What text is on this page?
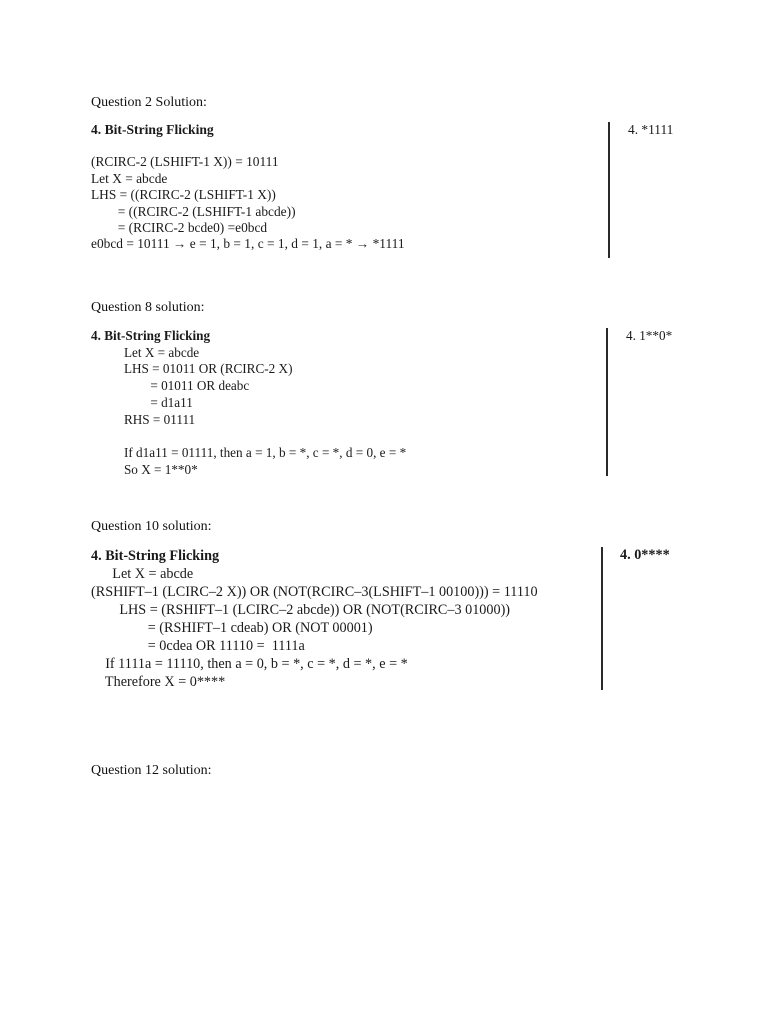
Question 2 Solution:
4. Bit-String Flicking
(RCIRC-2 (LSHIFT-1 X)) = 10111
Let X = abcde
LHS = ((RCIRC-2 (LSHIFT-1 X))
= ((RCIRC-2 (LSHIFT-1 abcde))
= (RCIRC-2 bcde0) =e0bcd
e0bcd = 10111 → e = 1, b = 1, c = 1, d = 1, a = * → *1111
4. *1111
Question 8 solution:
4. Bit-String Flicking
Let X = abcde
LHS = 01011 OR (RCIRC-2 X)
= 01011 OR deabc
= d1a11
RHS = 01111
If d1a11 = 01111, then a = 1, b = *, c = *, d = 0, e = *
So X = 1**0*
4. 1**0*
Question 10 solution:
4. Bit-String Flicking
Let X = abcde
(RSHIFT–1 (LCIRC–2 X)) OR (NOT(RCIRC–3(LSHIFT–1 00100))) = 11110
LHS = (RSHIFT–1 (LCIRC–2 abcde)) OR (NOT(RCIRC–3 01000))
= (RSHIFT–1 cdeab) OR (NOT 00001)
= 0cdea OR 11110 =  1111a
If 1111a = 11110, then a = 0, b = *, c = *, d = *, e = *
Therefore X = 0****
4. 0****
Question 12 solution:
